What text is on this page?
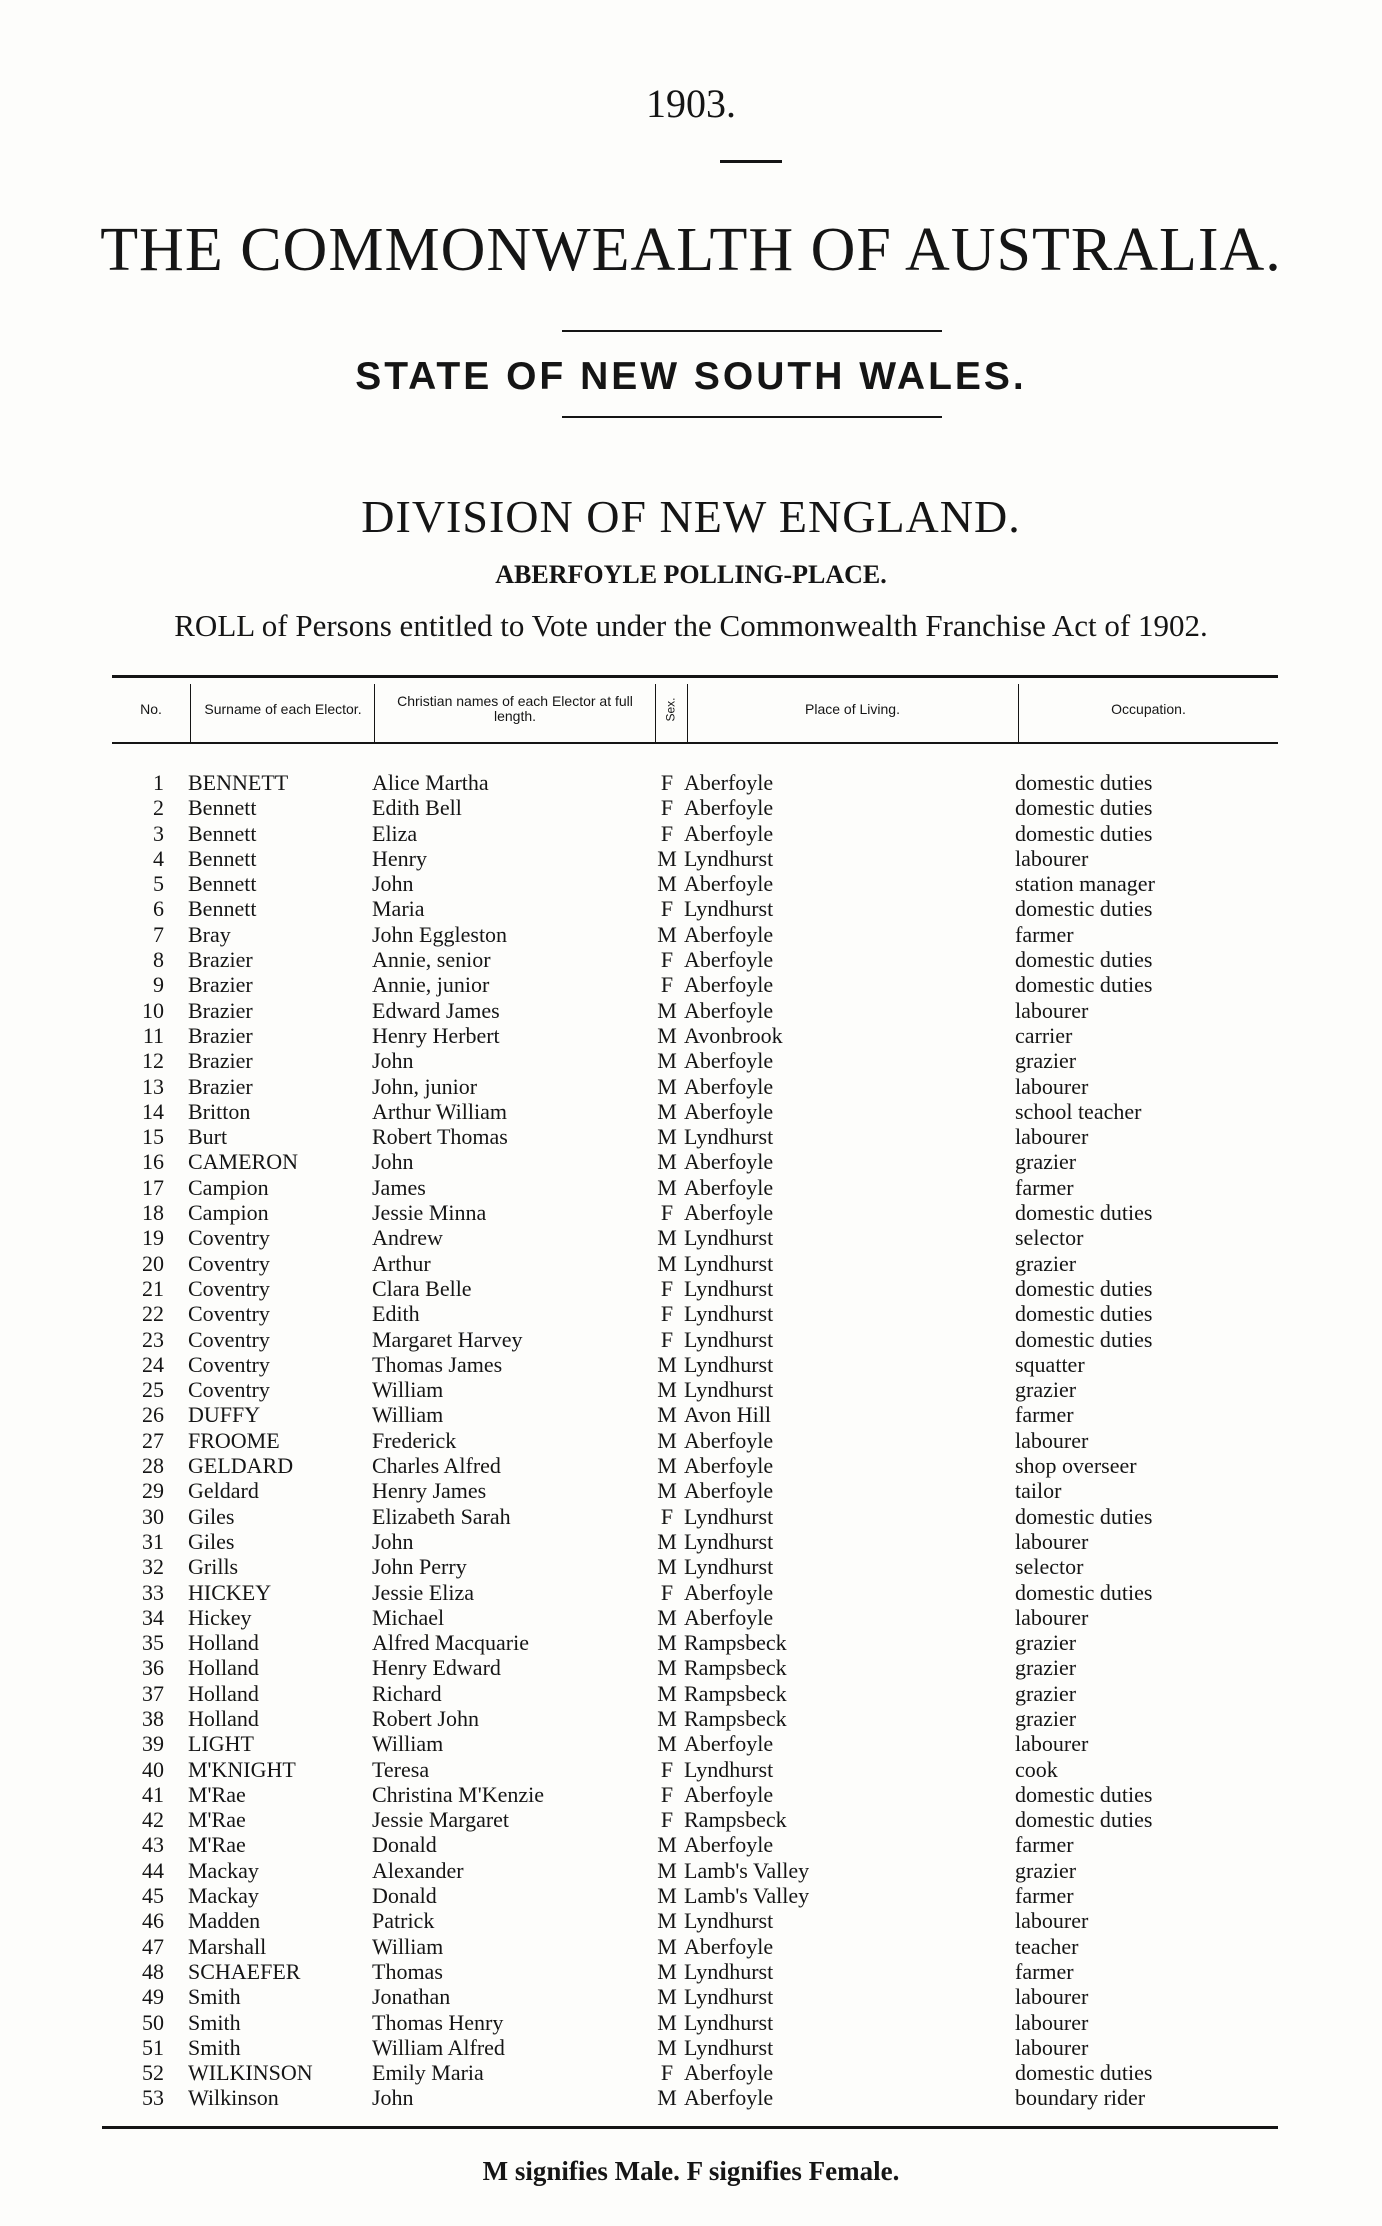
1903.
THE COMMONWEALTH OF AUSTRALIA.
STATE OF NEW SOUTH WALES.
DIVISION OF NEW ENGLAND.
ABERFOYLE POLLING-PLACE.
ROLL of Persons entitled to Vote under the Commonwealth Franchise Act of 1902.
No.	Surname of each Elector.	Christian names of each Elector at full length.	Sex.	Place of Living.	Occupation.
1 BENNETT	Alice Martha	F Aberfoyle	domestic duties
2 Bennett	Edith Bell	F Aberfoyle	domestic duties
3 Bennett	Eliza	F Aberfoyle	domestic duties
4 Bennett	Henry	M Lyndhurst	labourer
5 Bennett	John	M Aberfoyle	station manager
6 Bennett	Maria	F Lyndhurst	domestic duties
7 Bray	John Eggleston	M Aberfoyle	farmer
8 Brazier	Annie, senior	F Aberfoyle	domestic duties
9 Brazier	Annie, junior	F Aberfoyle	domestic duties
10 Brazier	Edward James	M Aberfoyle	labourer
11 Brazier	Henry Herbert	M Avonbrook	carrier
12 Brazier	John	M Aberfoyle	grazier
13 Brazier	John, junior	M Aberfoyle	labourer
14 Britton	Arthur William	M Aberfoyle	school teacher
15 Burt	Robert Thomas	M Lyndhurst	labourer
16 CAMERON	John	M Aberfoyle	grazier
17 Campion	James	M Aberfoyle	farmer
18 Campion	Jessie Minna	F Aberfoyle	domestic duties
19 Coventry	Andrew	M Lyndhurst	selector
20 Coventry	Arthur	M Lyndhurst	grazier
21 Coventry	Clara Belle	F Lyndhurst	domestic duties
22 Coventry	Edith	F Lyndhurst	domestic duties
23 Coventry	Margaret Harvey	F Lyndhurst	domestic duties
24 Coventry	Thomas James	M Lyndhurst	squatter
25 Coventry	William	M Lyndhurst	grazier
26 DUFFY	William	M Avon Hill	farmer
27 FROOME	Frederick	M Aberfoyle	labourer
28 GELDARD	Charles Alfred	M Aberfoyle	shop overseer
29 Geldard	Henry James	M Aberfoyle	tailor
30 Giles	Elizabeth Sarah	F Lyndhurst	domestic duties
31 Giles	John	M Lyndhurst	labourer
32 Grills	John Perry	M Lyndhurst	selector
33 HICKEY	Jessie Eliza	F Aberfoyle	domestic duties
34 Hickey	Michael	M Aberfoyle	labourer
35 Holland	Alfred Macquarie	M Rampsbeck	grazier
36 Holland	Henry Edward	M Rampsbeck	grazier
37 Holland	Richard	M Rampsbeck	grazier
38 Holland	Robert John	M Rampsbeck	grazier
39 LIGHT	William	M Aberfoyle	labourer
40 M'KNIGHT	Teresa	F Lyndhurst	cook
41 M'Rae	Christina M'Kenzie	F Aberfoyle	domestic duties
42 M'Rae	Jessie Margaret	F Rampsbeck	domestic duties
43 M'Rae	Donald	M Aberfoyle	farmer
44 Mackay	Alexander	M Lamb's Valley	grazier
45 Mackay	Donald	M Lamb's Valley	farmer
46 Madden	Patrick	M Lyndhurst	labourer
47 Marshall	William	M Aberfoyle	teacher
48 SCHAEFER	Thomas	M Lyndhurst	farmer
49 Smith	Jonathan	M Lyndhurst	labourer
50 Smith	Thomas Henry	M Lyndhurst	labourer
51 Smith	William Alfred	M Lyndhurst	labourer
52 WILKINSON	Emily Maria	F Aberfoyle	domestic duties
53 Wilkinson	John	M Aberfoyle	boundary rider
M signifies Male. F signifies Female.
